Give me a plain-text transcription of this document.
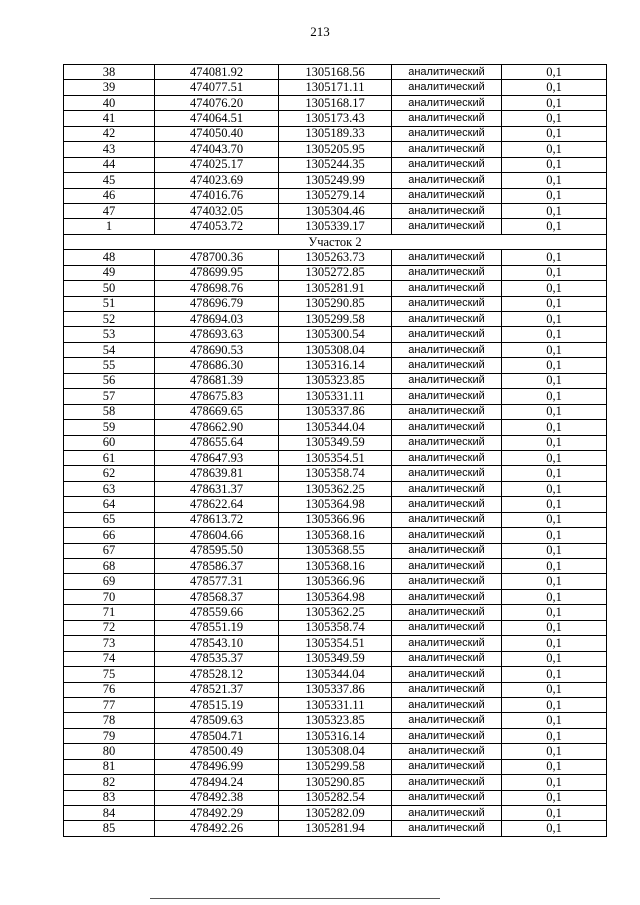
213
38	474081.92	1305168.56	аналитический	0,1
39	474077.51	1305171.11	аналитический	0,1
40	474076.20	1305168.17	аналитический	0,1
41	474064.51	1305173.43	аналитический	0,1
42	474050.40	1305189.33	аналитический	0,1
43	474043.70	1305205.95	аналитический	0,1
44	474025.17	1305244.35	аналитический	0,1
45	474023.69	1305249.99	аналитический	0,1
46	474016.76	1305279.14	аналитический	0,1
47	474032.05	1305304.46	аналитический	0,1
1	474053.72	1305339.17	аналитический	0,1
Участок 2				
48	478700.36	1305263.73	аналитический	0,1
49	478699.95	1305272.85	аналитический	0,1
50	478698.76	1305281.91	аналитический	0,1
51	478696.79	1305290.85	аналитический	0,1
52	478694.03	1305299.58	аналитический	0,1
53	478693.63	1305300.54	аналитический	0,1
54	478690.53	1305308.04	аналитический	0,1
55	478686.30	1305316.14	аналитический	0,1
56	478681.39	1305323.85	аналитический	0,1
57	478675.83	1305331.11	аналитический	0,1
58	478669.65	1305337.86	аналитический	0,1
59	478662.90	1305344.04	аналитический	0,1
60	478655.64	1305349.59	аналитический	0,1
61	478647.93	1305354.51	аналитический	0,1
62	478639.81	1305358.74	аналитический	0,1
63	478631.37	1305362.25	аналитический	0,1
64	478622.64	1305364.98	аналитический	0,1
65	478613.72	1305366.96	аналитический	0,1
66	478604.66	1305368.16	аналитический	0,1
67	478595.50	1305368.55	аналитический	0,1
68	478586.37	1305368.16	аналитический	0,1
69	478577.31	1305366.96	аналитический	0,1
70	478568.37	1305364.98	аналитический	0,1
71	478559.66	1305362.25	аналитический	0,1
72	478551.19	1305358.74	аналитический	0,1
73	478543.10	1305354.51	аналитический	0,1
74	478535.37	1305349.59	аналитический	0,1
75	478528.12	1305344.04	аналитический	0,1
76	478521.37	1305337.86	аналитический	0,1
77	478515.19	1305331.11	аналитический	0,1
78	478509.63	1305323.85	аналитический	0,1
79	478504.71	1305316.14	аналитический	0,1
80	478500.49	1305308.04	аналитический	0,1
81	478496.99	1305299.58	аналитический	0,1
82	478494.24	1305290.85	аналитический	0,1
83	478492.38	1305282.54	аналитический	0,1
84	478492.29	1305282.09	аналитический	0,1
85	478492.26	1305281.94	аналитический	0,1
